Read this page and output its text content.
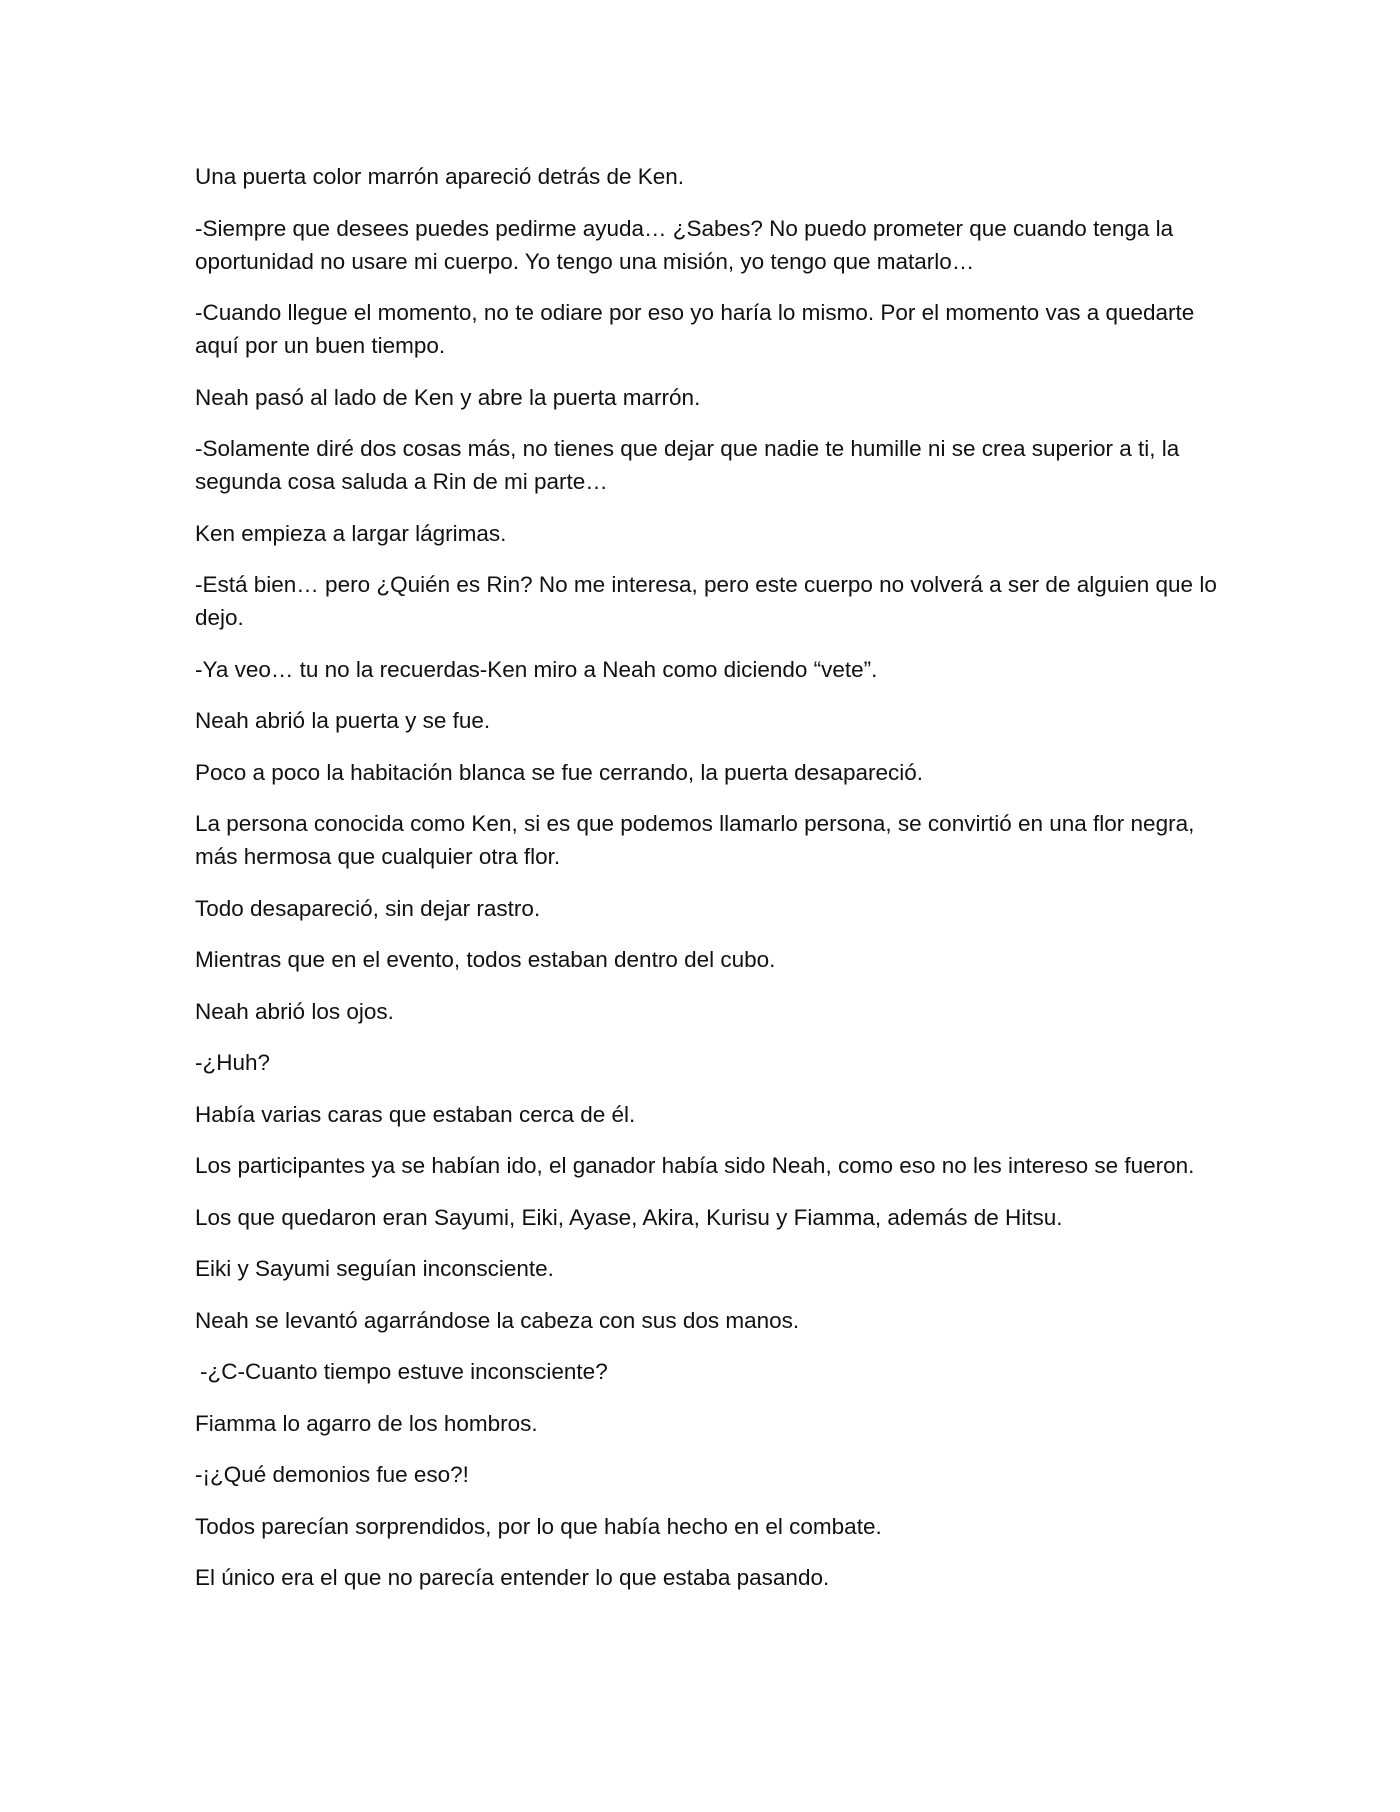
Una puerta color marrón apareció detrás de Ken.

-Siempre que desees puedes pedirme ayuda… ¿Sabes? No puedo prometer que cuando tenga la oportunidad no usare mi cuerpo. Yo tengo una misión, yo tengo que matarlo…

-Cuando llegue el momento, no te odiare por eso yo haría lo mismo. Por el momento vas a quedarte aquí por un buen tiempo.

Neah pasó al lado de Ken y abre la puerta marrón.

-Solamente diré dos cosas más, no tienes que dejar que nadie te humille ni se crea superior a ti, la segunda cosa saluda a Rin de mi parte…

Ken empieza a largar lágrimas.

-Está bien… pero ¿Quién es Rin? No me interesa, pero este cuerpo no volverá a ser de alguien que lo dejo.

-Ya veo… tu no la recuerdas-Ken miro a Neah como diciendo “vete”.

Neah abrió la puerta y se fue.

Poco a poco la habitación blanca se fue cerrando, la puerta desapareció.

La persona conocida como Ken, si es que podemos llamarlo persona, se convirtió en una flor negra, más hermosa que cualquier otra flor.

Todo desapareció, sin dejar rastro.

Mientras que en el evento, todos estaban dentro del cubo.

Neah abrió los ojos.

-¿Huh?

Había varias caras que estaban cerca de él.

Los participantes ya se habían ido, el ganador había sido Neah, como eso no les intereso se fueron.

Los que quedaron eran Sayumi, Eiki, Ayase, Akira, Kurisu y Fiamma, además de Hitsu.

Eiki y Sayumi seguían inconsciente.

Neah se levantó agarrándose la cabeza con sus dos manos.

-¿C-Cuanto tiempo estuve inconsciente?

Fiamma lo agarro de los hombros.

-¡¿Qué demonios fue eso?!

Todos parecían sorprendidos, por lo que había hecho en el combate.

El único era el que no parecía entender lo que estaba pasando.
